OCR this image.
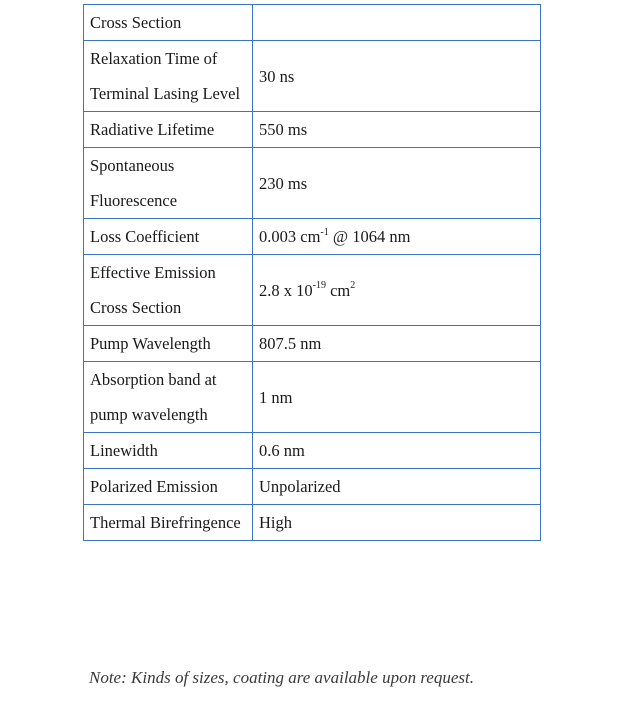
Cross Section	
Relaxation Time of Terminal Lasing Level	30 ns
Radiative Lifetime	550 ms
Spontaneous Fluorescence	230 ms
Loss Coefficient	0.003 $cm^{-1}$ @ 1064 nm
Effective Emission Cross Section	2.8 x $10^{-19}$ $cm^2$
Pump Wavelength	807.5 nm
Absorption band at pump wavelength	1 nm
Linewidth	0.6 nm
Polarized Emission	Unpolarized
Thermal Birefringence	High
Note: Kinds of sizes, coating are available upon request.
